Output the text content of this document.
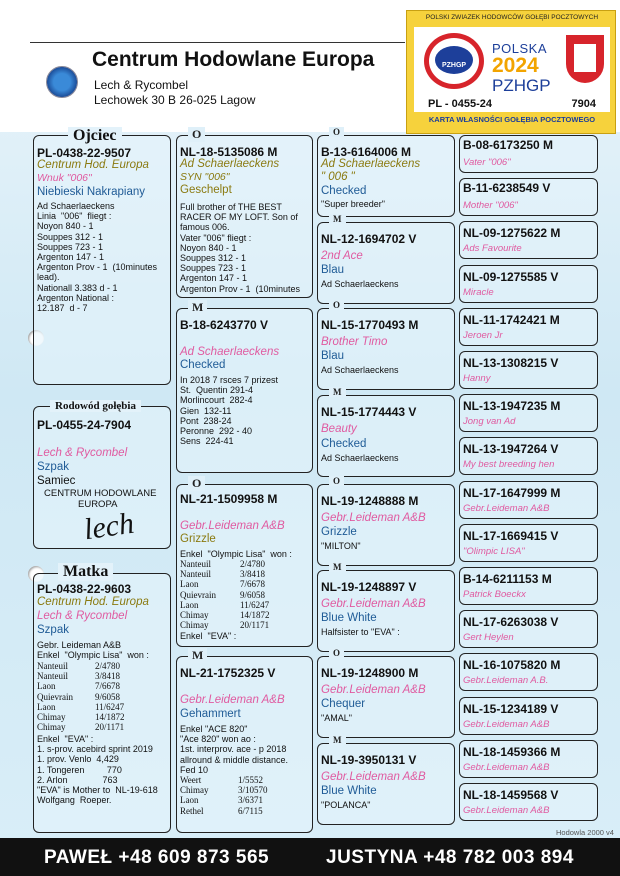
Centrum Hodowlane Europa
Lech & Rycombel
Lechowek 30 B 26-025 Lagow
POLSKI ZWIAZEK HODOWCÓW GOŁĘBI POCZTOWYCH
PZHGP
POLSKA
2024
PZHGP
PL - 0455-24	7904
KARTA WŁASNOŚCI GOŁĘBIA POCZTOWEGO
Ojciec
PL-0438-22-9507
Centrum Hod. Europa
Wnuk "006"
Niebieski Nakrapiany
Ad Schaerlaeckens
Linia  "006"  fliegt :
Noyon 840 - 1
Souppes 312 - 1
Souppes 723 - 1
Argenton 147 - 1
Argenton Prov - 1  (10minutes
lead).
Nationall 3.383 d - 1
Argenton National :
12.187  d - 7
Rodowód gołębia
PL-0455-24-7904
Lech & Rycombel
Szpak
Samiec
CENTRUM HODOWLANE
EUROPA
lech
Matka
PL-0438-22-9603
Centrum Hod. Europa
Lech & Rycombel
Szpak
Gebr. Leideman A&B
Enkel  "Olympic Lisa"  won :
Nanteuil	2/4780
Nanteuil	3/8418
Laon	7/6678
Quievrain 9/6058
Laon	11/6247
Chimay	14/1872
Chimay	20/1171
Enkel  "EVA" :
1. s-prov. acebird sprint 2019
1. prov. Venlo  4,429
1. Tongeren         770
2. Arlon              763
"EVA" is Mother to  NL-19-618
Wolfgang  Roeper.
O
NL-18-5135086 M
Ad Schaerlaeckens
SYN "006"
Geschelpt
Full brother of THE BEST
RACER OF MY LOFT. Son of
famous 006.
Vater "006" fliegt :
Noyon 840 - 1
Souppes 312 - 1
Souppes 723 - 1
Argenton 147 - 1
Argenton Prov - 1  (10minutes
M
B-18-6243770 V
Ad Schaerlaeckens
Checked
In 2018 7 rsces 7 prizest
St.  Quentin 291-4
Morlincourt  282-4
Gien  132-11
Pont  238-24
Peronne  292 - 40
Sens  224-41
O
NL-21-1509958 M
Gebr.Leideman A&B
Grizzle
Enkel  "Olympic Lisa"  won :
Nanteuil	2/4780
Nanteuil	3/8418
Laon	7/6678
Quievrain	9/6058
Laon	11/6247
Chimay	14/1872
Chimay	20/1171
Enkel  "EVA" :
M
NL-21-1752325 V
Gebr.Leideman A&B
Gehammert
Enkel "ACE 820"
"Ace 820" won ao :
1st. interprov. ace - p 2018
allround & middle distance.
Fed 10
Weert	1/5552
Chimay	3/10570
Laon	3/6371
Rethel	6/7115
O
B-13-6164006 M
Ad Schaerlaeckens
" 006 "
Checked
"Super breeder"
M
NL-12-1694702 V
2nd Ace
Blau
Ad Schaerlaeckens
O
NL-15-1770493 M
Brother Timo
Blau
Ad Schaerlaeckens
M
NL-15-1774443 V
Beauty
Checked
Ad Schaerlaeckens
O
NL-19-1248888 M
Gebr.Leideman A&B
Grizzle
"MILTON"
M
NL-19-1248897 V
Gebr.Leideman A&B
Blue White
Halfsister to "EVA" :
O
NL-19-1248900 M
Gebr.Leideman A&B
Chequer
"AMAL"
M
NL-19-3950131 V
Gebr.Leideman A&B
Blue White
"POLANCA"
B-08-6173250 M
Vater "006"
B-11-6238549 V
Mother "006"
NL-09-1275622 M
Ads Favourite
NL-09-1275585 V
Miracle
NL-11-1742421 M
Jeroen Jr
NL-13-1308215 V
Hanny
NL-13-1947235 M
Jong van Ad
NL-13-1947264 V
My best breeding hen
NL-17-1647999 M
Gebr.Leideman A&B
NL-17-1669415 V
"Olimpic LISA"
B-14-6211153 M
Patrick Boeckx
NL-17-6263038 V
Gert Heylen
NL-16-1075820 M
Gebr.Leideman A.B.
NL-15-1234189 V
Gebr.Leideman A&B
NL-18-1459366 M
Gebr.Leideman A&B
NL-18-1459568 V
Gebr.Leideman A&B
Hodowla 2000 v4
PAWEŁ +48 609 873 565	JUSTYNA +48 782 003 894
